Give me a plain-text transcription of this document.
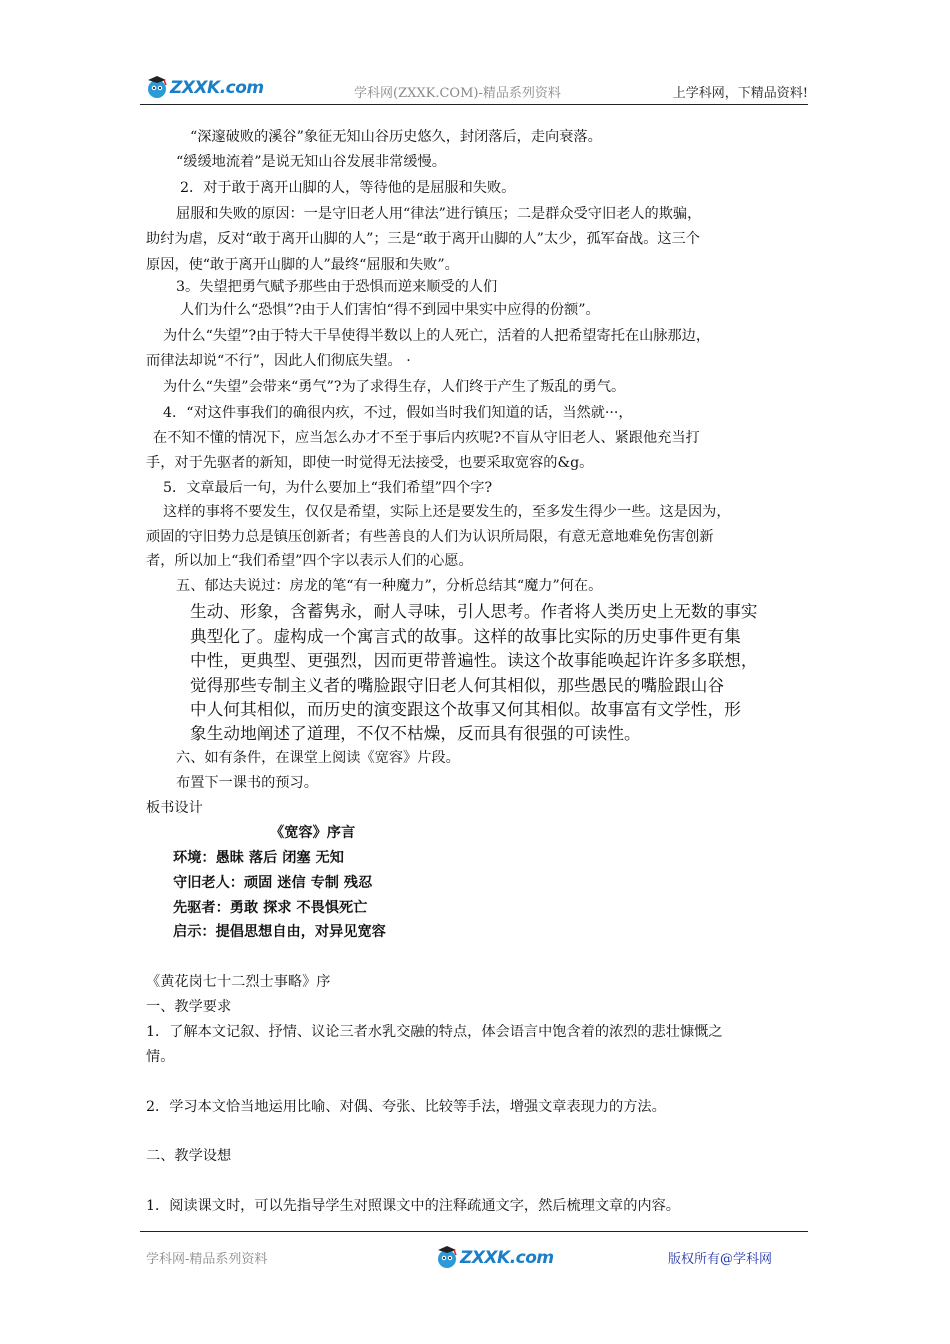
ZXXK.com	学科网(ZXXK.COM)-精品系列资料	上学科网，下精品资料!
“深邃破败的溪谷”象征无知山谷历史悠久，封闭落后，走向衰落。
“缓缓地流着”是说无知山谷发展非常缓慢。
2．对于敢于离开山脚的人，等待他的是屈服和失败。
屈服和失败的原因：一是守旧老人用“律法”进行镇压；二是群众受守旧老人的欺骗，
助纣为虐，反对“敢于离开山脚的人”；三是“敢于离开山脚的人”太少，孤军奋战。这三个
原因，使“敢于离开山脚的人”最终“屈服和失败”。
3。失望把勇气赋予那些由于恐惧而逆来顺受的人们
人们为什么“恐惧”?由于人们害怕“得不到园中果实中应得的份额”。
为什么“失望”?由于特大干旱使得半数以上的人死亡，活着的人把希望寄托在山脉那边，
而律法却说“不行”，因此人们彻底失望。 ·
为什么“失望”会带来“勇气”?为了求得生存，人们终于产生了叛乱的勇气。
4．“对这件事我们的确很内疚，不过，假如当时我们知道的话，当然就···，
在不知不懂的情况下，应当怎么办才不至于事后内疚呢?不盲从守旧老人、紧跟他充当打
手，对于先驱者的新知，即使一时觉得无法接受，也要采取宽容的&g。
5．文章最后一句，为什么要加上“我们希望”四个字?
这样的事将不要发生，仅仅是希望，实际上还是要发生的，至多发生得少一些。这是因为，
顽固的守旧势力总是镇压创新者；有些善良的人们为认识所局限，有意无意地难免伤害创新
者，所以加上“我们希望”四个字以表示人们的心愿。
五、郁达夫说过：房龙的笔“有一种魔力”，分析总结其“魔力”何在。
生动、形象，含蓄隽永，耐人寻味，引人思考。作者将人类历史上无数的事实
典型化了。虚构成一个寓言式的故事。这样的故事比实际的历史事件更有集
中性，更典型、更强烈，因而更带普遍性。读这个故事能唤起许许多多联想，
觉得那些专制主义者的嘴脸跟守旧老人何其相似，那些愚民的嘴脸跟山谷
中人何其相似，而历史的演变跟这个故事又何其相似。故事富有文学性，形
象生动地阐述了道理，不仅不枯燥，反而具有很强的可读性。
六、如有条件，在课堂上阅读《宽容》片段。
布置下一课书的预习。
板书设计
《宽容》序言
环境：愚昧 落后 闭塞 无知
守旧老人：顽固 迷信 专制 残忍
先驱者：勇敢 探求 不畏惧死亡
启示：提倡思想自由，对异见宽容
《黄花岗七十二烈士事略》序
一、教学要求
1．了解本文记叙、抒情、议论三者水乳交融的特点，体会语言中饱含着的浓烈的悲壮慷慨之
情。
2．学习本文恰当地运用比喻、对偶、夸张、比较等手法，增强文章表现力的方法。
二、教学设想
1．阅读课文时，可以先指导学生对照课文中的注释疏通文字，然后梳理文章的内容。
学科网-精品系列资料	ZXXK.com	版权所有@学科网
